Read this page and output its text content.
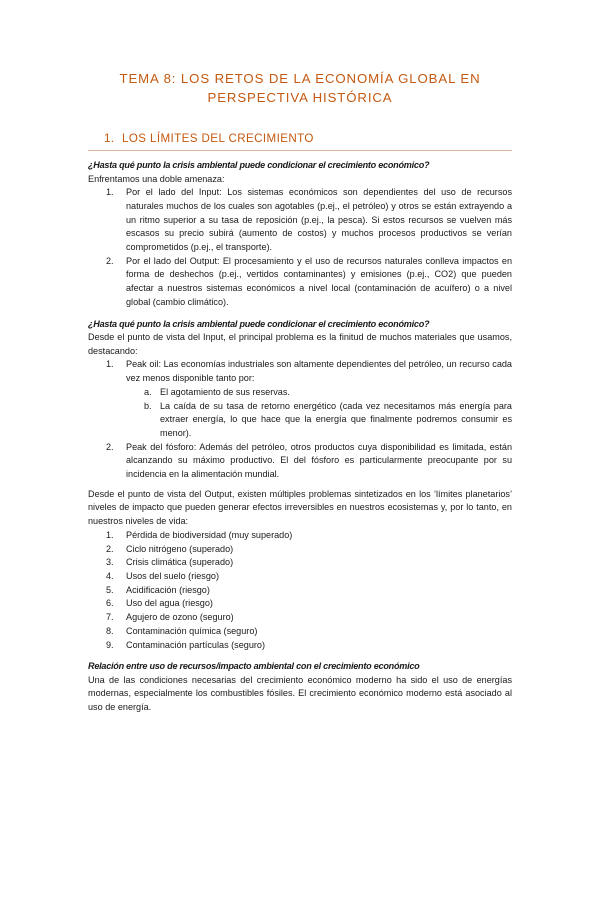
TEMA 8: LOS RETOS DE LA ECONOMÍA GLOBAL EN PERSPECTIVA HISTÓRICA
1. LOS LÍMITES DEL CRECIMIENTO
¿Hasta qué punto la crisis ambiental puede condicionar el crecimiento económico?

Enfrentamos una doble amenaza:

1.	Por el lado del Input: Los sistemas económicos son dependientes del uso de recursos naturales muchos de los cuales son agotables (p.ej., el petróleo) y otros se están extrayendo a un ritmo superior a su tasa de reposición (p.ej., la pesca). Si estos recursos se vuelven más escasos su precio subirá (aumento de costos) y muchos procesos productivos se verían comprometidos (p.ej., el transporte).
2.	Por el lado del Output: El procesamiento y el uso de recursos naturales conlleva impactos en forma de deshechos (p.ej., vertidos contaminantes) y emisiones (p.ej., CO2) que pueden afectar a nuestros sistemas económicos a nivel local (contaminación de acuífero) o a nivel global (cambio climático).
¿Hasta qué punto la crisis ambiental puede condicionar el crecimiento económico?

Desde el punto de vista del Input, el principal problema es la finitud de muchos materiales que usamos, destacando:

1.	Peak oil: Las economías industriales son altamente dependientes del petróleo, un recurso cada vez menos disponible tanto por:
a. El agotamiento de sus reservas.
b. La caída de su tasa de retorno energético (cada vez necesitamos más energía para extraer energía, lo que hace que la energía que finalmente podremos consumir es menor).
2.	Peak del fósforo: Además del petróleo, otros productos cuya disponibilidad es limitada, están alcanzando su máximo productivo. El del fósforo es particularmente preocupante por su incidencia en la alimentación mundial.

Desde el punto de vista del Output, existen múltiples problemas sintetizados en los ‘límites planetarios’ niveles de impacto que pueden generar efectos irreversibles en nuestros ecosistemas y, por lo tanto, en nuestros niveles de vida:

1.	Pérdida de biodiversidad (muy superado)
2.	Ciclo nitrógeno (superado)
3.	Crisis climática (superado)
4.	Usos del suelo (riesgo)
5.	Acidificación (riesgo)
6.	Uso del agua (riesgo)
7.	Agujero de ozono (seguro)
8.	Contaminación química (seguro)
9.	Contaminación partículas (seguro)
Relación entre uso de recursos/impacto ambiental con el crecimiento económico

Una de las condiciones necesarias del crecimiento económico moderno ha sido el uso de energías modernas, especialmente los combustibles fósiles. El crecimiento económico moderno está asociado al uso de energía.
